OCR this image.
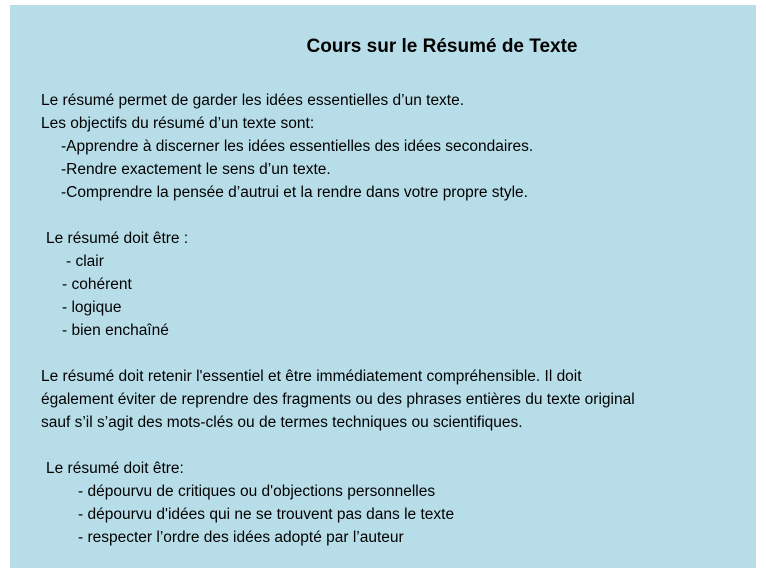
Cours sur le Résumé de Texte
Le résumé permet de garder les idées essentielles d’un texte.
Les objectifs du résumé d’un texte sont:
-Apprendre à discerner les idées essentielles des idées secondaires.
-Rendre exactement le sens d’un texte.
-Comprendre la pensée d’autrui et la rendre dans votre propre style.
Le résumé doit être :
- clair
- cohérent
- logique
- bien enchaîné
Le résumé doit retenir l'essentiel et être immédiatement compréhensible. Il doit
également éviter de reprendre des fragments ou des phrases entières du texte original
sauf s’il s’agit des mots-clés ou de termes techniques ou scientifiques.
Le résumé doit être:
- dépourvu de critiques ou d'objections personnelles
- dépourvu d'idées qui ne se trouvent pas dans le texte
- respecter l’ordre des idées adopté par l’auteur
